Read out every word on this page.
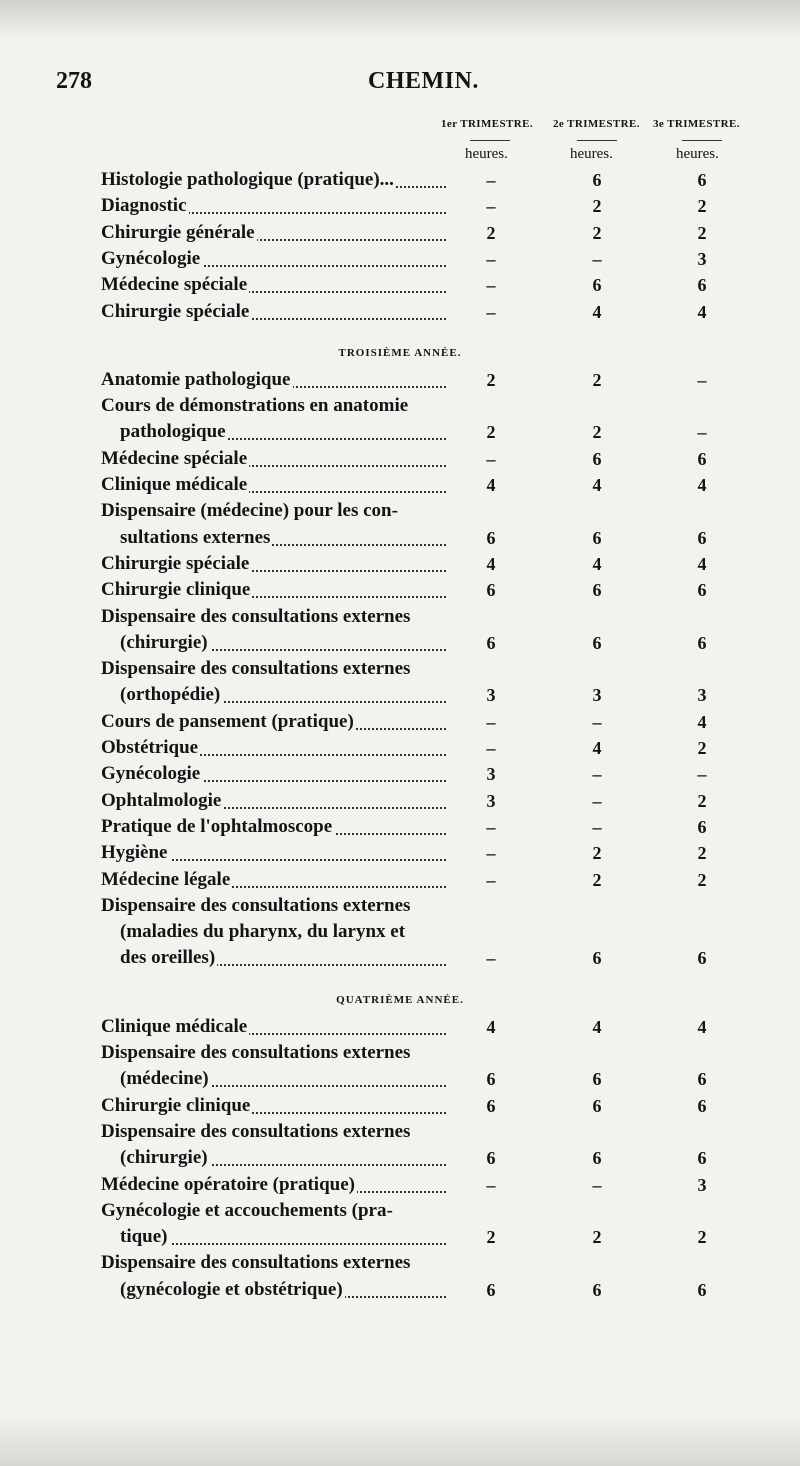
278	CHEMIN.
1er TRIMESTRE. 2e TRIMESTRE. 3e TRIMESTRE.
heures.	heures.	heures.
Histologie pathologique (pratique)...	–	6	6
Diagnostic	–	2	2
Chirurgie générale	2	2	2
Gynécologie	–	–	3
Médecine spéciale	–	6	6
Chirurgie spéciale	–	4	4
TROISIÈME ANNÉE.
Anatomie pathologique	2	2	–
Cours de démonstrations en anatomie
pathologique	2	2	–
Médecine spéciale	–	6	6
Clinique médicale	4	4	4
Dispensaire (médecine) pour les con-
sultations externes	6	6	6
Chirurgie spéciale	4	4	4
Chirurgie clinique	6	6	6
Dispensaire des consultations externes
(chirurgie)	6	6	6
Dispensaire des consultations externes
(orthopédie)	3	3	3
Cours de pansement (pratique)	–	–	4
Obstétrique	–	4	2
Gynécologie	3	–	–
Ophtalmologie	3	–	2
Pratique de l'ophtalmoscope	–	–	6
Hygiène	–	2	2
Médecine légale	–	2	2
Dispensaire des consultations externes
(maladies du pharynx, du larynx et
des oreilles)	–	6	6
QUATRIÈME ANNÉE.
Clinique médicale	4	4	4
Dispensaire des consultations externes
(médecine)	6	6	6
Chirurgie clinique	6	6	6
Dispensaire des consultations externes
(chirurgie)	6	6	6
Médecine opératoire (pratique)	–	–	3
Gynécologie et accouchements (pra-
tique)	2	2	2
Dispensaire des consultations externes
(gynécologie et obstétrique)	6	6	6
